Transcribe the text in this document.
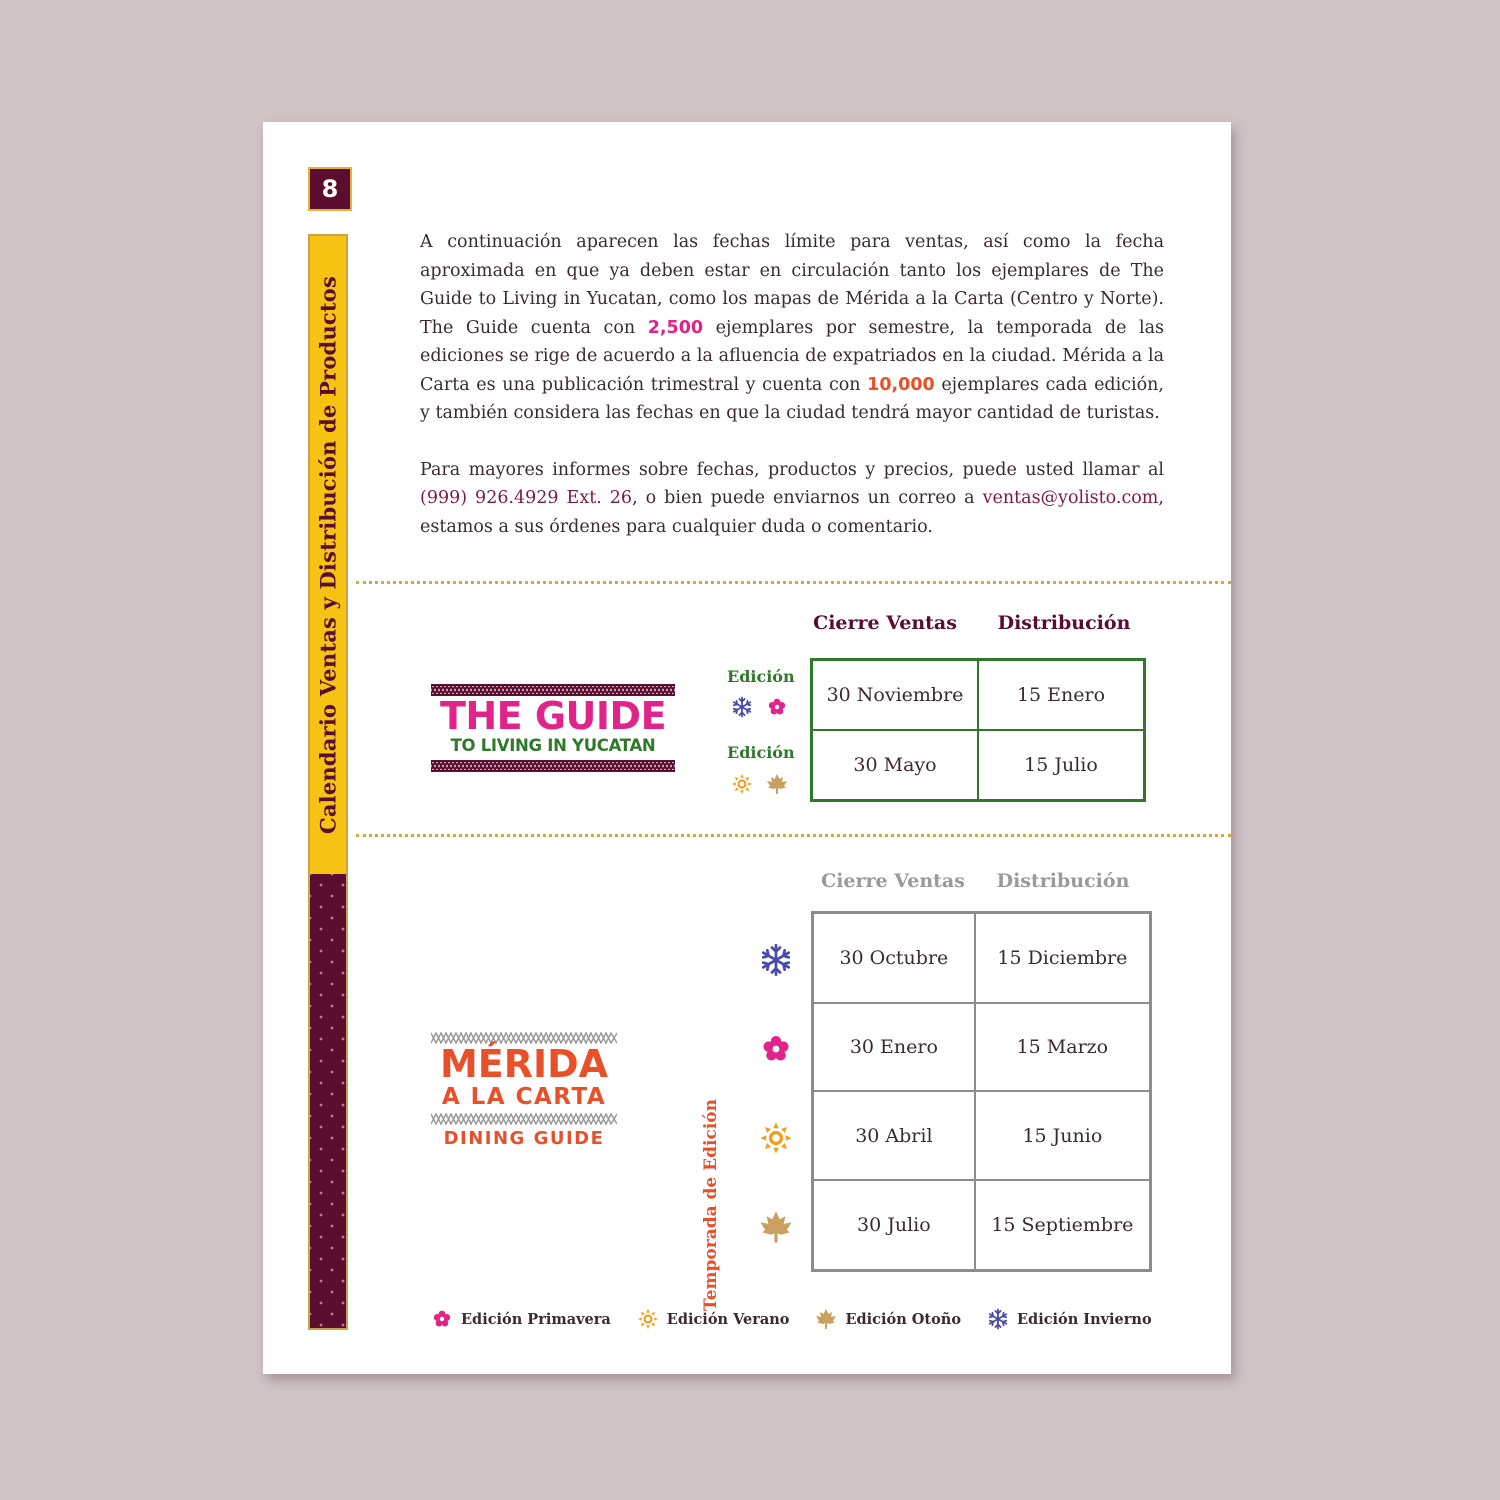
8
Calendario Ventas y Distribución de Productos

A continuación aparecen las fechas límite para ventas, así como la fecha aproximada en que ya deben estar en circulación tanto los ejemplares de The Guide to Living in Yucatan, como los mapas de Mérida a la Carta (Centro y Norte). The Guide cuenta con 2,500 ejemplares por semestre, la temporada de las ediciones se rige de acuerdo a la afluencia de expatriados en la ciudad. Mérida a la Carta es una publicación trimestral y cuenta con 10,000 ejemplares cada edición, y también considera las fechas en que la ciudad tendrá mayor cantidad de turistas.

Para mayores informes sobre fechas, productos y precios, puede usted llamar al (999) 926.4929 Ext. 26, o bien puede enviarnos un correo a ventas@yolisto.com, estamos a sus órdenes para cualquier duda o comentario.

THE GUIDE
TO LIVING IN YUCATAN
Edición
Edición
Cierre Ventas	Distribución
30 Noviembre	15 Enero
30 Mayo	15 Julio
MÉRIDA
A LA CARTA
DINING GUIDE	Temporada de Edición
Cierre Ventas	Distribución
30 Octubre	15 Diciembre
30 Enero	15 Marzo
30 Abril	15 Junio
30 Julio	15 Septiembre
Edición Primavera	Edición Verano	Edición Otoño	Edición Invierno
